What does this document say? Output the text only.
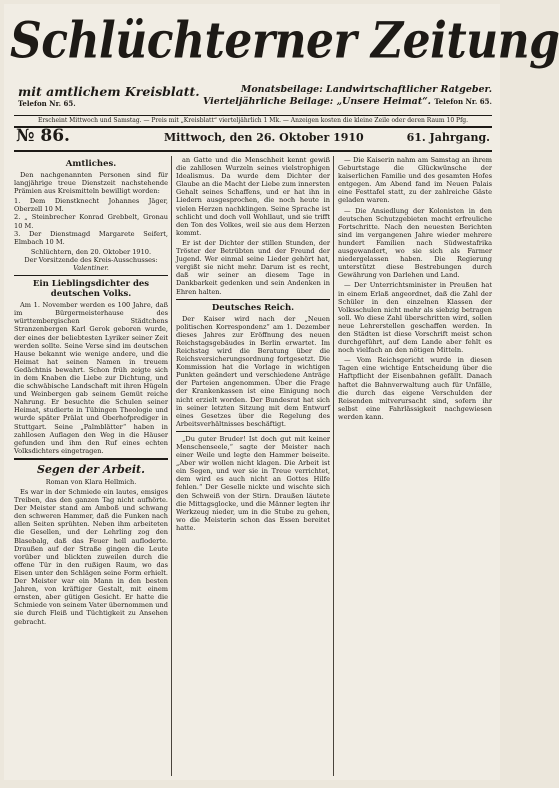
Schlüchterner Zeitung
mit amtlichem Kreisblatt.
Telefon Nr. 65.
Monatsbeilage: Landwirtschaftlicher Ratgeber.
Vierteljährliche Beilage: „Unsere Heimat“. Telefon Nr. 65.
Erscheint Mittwoch und Samstag. — Preis mit „Kreisblatt“ vierteljährlich 1 Mk. — Anzeigen kosten die kleine Zeile oder deren Raum 10 Pfg.
№ 86.	Mittwoch, den 26. Oktober 1910	61. Jahrgang.
Amtliches.

Den nachgenannten Personen sind für langjährige treue Dienstzeit nachstehende Prämien aus Kreismitteln bewilligt worden:

1. Dem Dienstknecht Johannes Jäger, Oberzell 10 M.
2. „ Steinbrecher Konrad Grebbelt, Gronau 10 M.
3. Der Dienstmagd Margarete Seifert, Elmbach 10 M.
Schlüchtern, den 20. Oktober 1910.
Der Vorsitzende des Kreis-Ausschusses:
Valentiner.
Ein Lieblingsdichter des deutschen Volks.

Am 1. November werden es 100 Jahre, daß im Bürgermeisterhause des württembergischen Städtchens Stranzenbergen Karl Gerok geboren wurde, der eines der beliebtesten Lyriker seiner Zeit werden sollte. Seine Verse sind im deutschen Hause bekannt wie wenige andere, und die Heimat hat seinen Namen in treuem Gedächtnis bewahrt. Schon früh zeigte sich in dem Knaben die Liebe zur Dichtung, und die schwäbische Landschaft mit ihren Hügeln und Weinbergen gab seinem Gemüt reiche Nahrung. Er besuchte die Schulen seiner Heimat, studierte in Tübingen Theologie und wurde später Prälat und Oberhofprediger in Stuttgart. Seine „Palmblätter“ haben in zahllosen Auflagen den Weg in die Häuser gefunden und ihm den Ruf eines echten Volksdichters eingetragen.

Segen der Arbeit.
Roman von Klara Hellmich.

Es war in der Schmiede ein lautes, emsiges Treiben, das den ganzen Tag nicht aufhörte. Der Meister stand am Amboß und schwang den schweren Hammer, daß die Funken nach allen Seiten sprühten. Neben ihm arbeiteten die Gesellen, und der Lehrling zog den Blasebalg, daß das Feuer hell aufloderte. Draußen auf der Straße gingen die Leute vorüber und blickten zuweilen durch die offene Tür in den rußigen Raum, wo das Eisen unter den Schlägen seine Form erhielt. Der Meister war ein Mann in den besten Jahren, von kräftiger Gestalt, mit einem ernsten, aber gütigen Gesicht. Er hatte die Schmiede von seinem Vater übernommen und sie durch Fleiß und Tüchtigkeit zu Ansehen gebracht.

an Gatte und die Menschheit kennt gewiß die zahllosen Wurzeln seines vielstrophigen Idealismus. Da wurde dem Dichter der Glaube an die Macht der Liebe zum innersten Gehalt seines Schaffens, und er hat ihn in Liedern ausgesprochen, die noch heute in vielen Herzen nachklingen. Seine Sprache ist schlicht und doch voll Wohllaut, und sie trifft den Ton des Volkes, weil sie aus dem Herzen kommt.

Er ist der Dichter der stillen Stunden, der Tröster der Betrübten und der Freund der Jugend. Wer einmal seine Lieder gehört hat, vergißt sie nicht mehr. Darum ist es recht, daß wir seiner an diesem Tage in Dankbarkeit gedenken und sein Andenken in Ehren halten.

Deutsches Reich.

Der Kaiser wird nach der „Neuen politischen Korrespondenz“ am 1. Dezember dieses Jahres zur Eröffnung des neuen Reichstagsgebäudes in Berlin erwartet. Im Reichstag wird die Beratung über die Reichsversicherungsordnung fortgesetzt. Die Kommission hat die Vorlage in wichtigen Punkten geändert und verschiedene Anträge der Parteien angenommen. Über die Frage der Krankenkassen ist eine Einigung noch nicht erzielt worden. Der Bundesrat hat sich in seiner letzten Sitzung mit dem Entwurf eines Gesetzes über die Regelung des Arbeitsverhältnisses beschäftigt.

„Du guter Bruder! Ist doch gut mit keiner Menschenseele,“ sagte der Meister nach einer Weile und legte den Hammer beiseite. „Aber wir wollen nicht klagen. Die Arbeit ist ein Segen, und wer sie in Treue verrichtet, dem wird es auch nicht an Gottes Hilfe fehlen.“ Der Geselle nickte und wischte sich den Schweiß von der Stirn. Draußen läutete die Mittagsglocke, und die Männer legten ihr Werkzeug nieder, um in die Stube zu gehen, wo die Meisterin schon das Essen bereitet hatte.

— Die Kaiserin nahm am Samstag an ihrem Geburtstage die Glückwünsche der kaiserlichen Familie und des gesamten Hofes entgegen. Am Abend fand im Neuen Palais eine Festtafel statt, zu der zahlreiche Gäste geladen waren.

— Die Ansiedlung der Kolonisten in den deutschen Schutzgebieten macht erfreuliche Fortschritte. Nach den neuesten Berichten sind im vergangenen Jahre wieder mehrere hundert Familien nach Südwestafrika ausgewandert, wo sie sich als Farmer niedergelassen haben. Die Regierung unterstützt diese Bestrebungen durch Gewährung von Darlehen und Land.

— Der Unterrichtsminister in Preußen hat in einem Erlaß angeordnet, daß die Zahl der Schüler in den einzelnen Klassen der Volksschulen nicht mehr als siebzig betragen soll. Wo diese Zahl überschritten wird, sollen neue Lehrerstellen geschaffen werden. In den Städten ist diese Vorschrift meist schon durchgeführt, auf dem Lande aber fehlt es noch vielfach an den nötigen Mitteln.

— Vom Reichsgericht wurde in diesen Tagen eine wichtige Entscheidung über die Haftpflicht der Eisenbahnen gefällt. Danach haftet die Bahnverwaltung auch für Unfälle, die durch das eigene Verschulden der Reisenden mitverursacht sind, sofern ihr selbst eine Fahrlässigkeit nachgewiesen werden kann.
